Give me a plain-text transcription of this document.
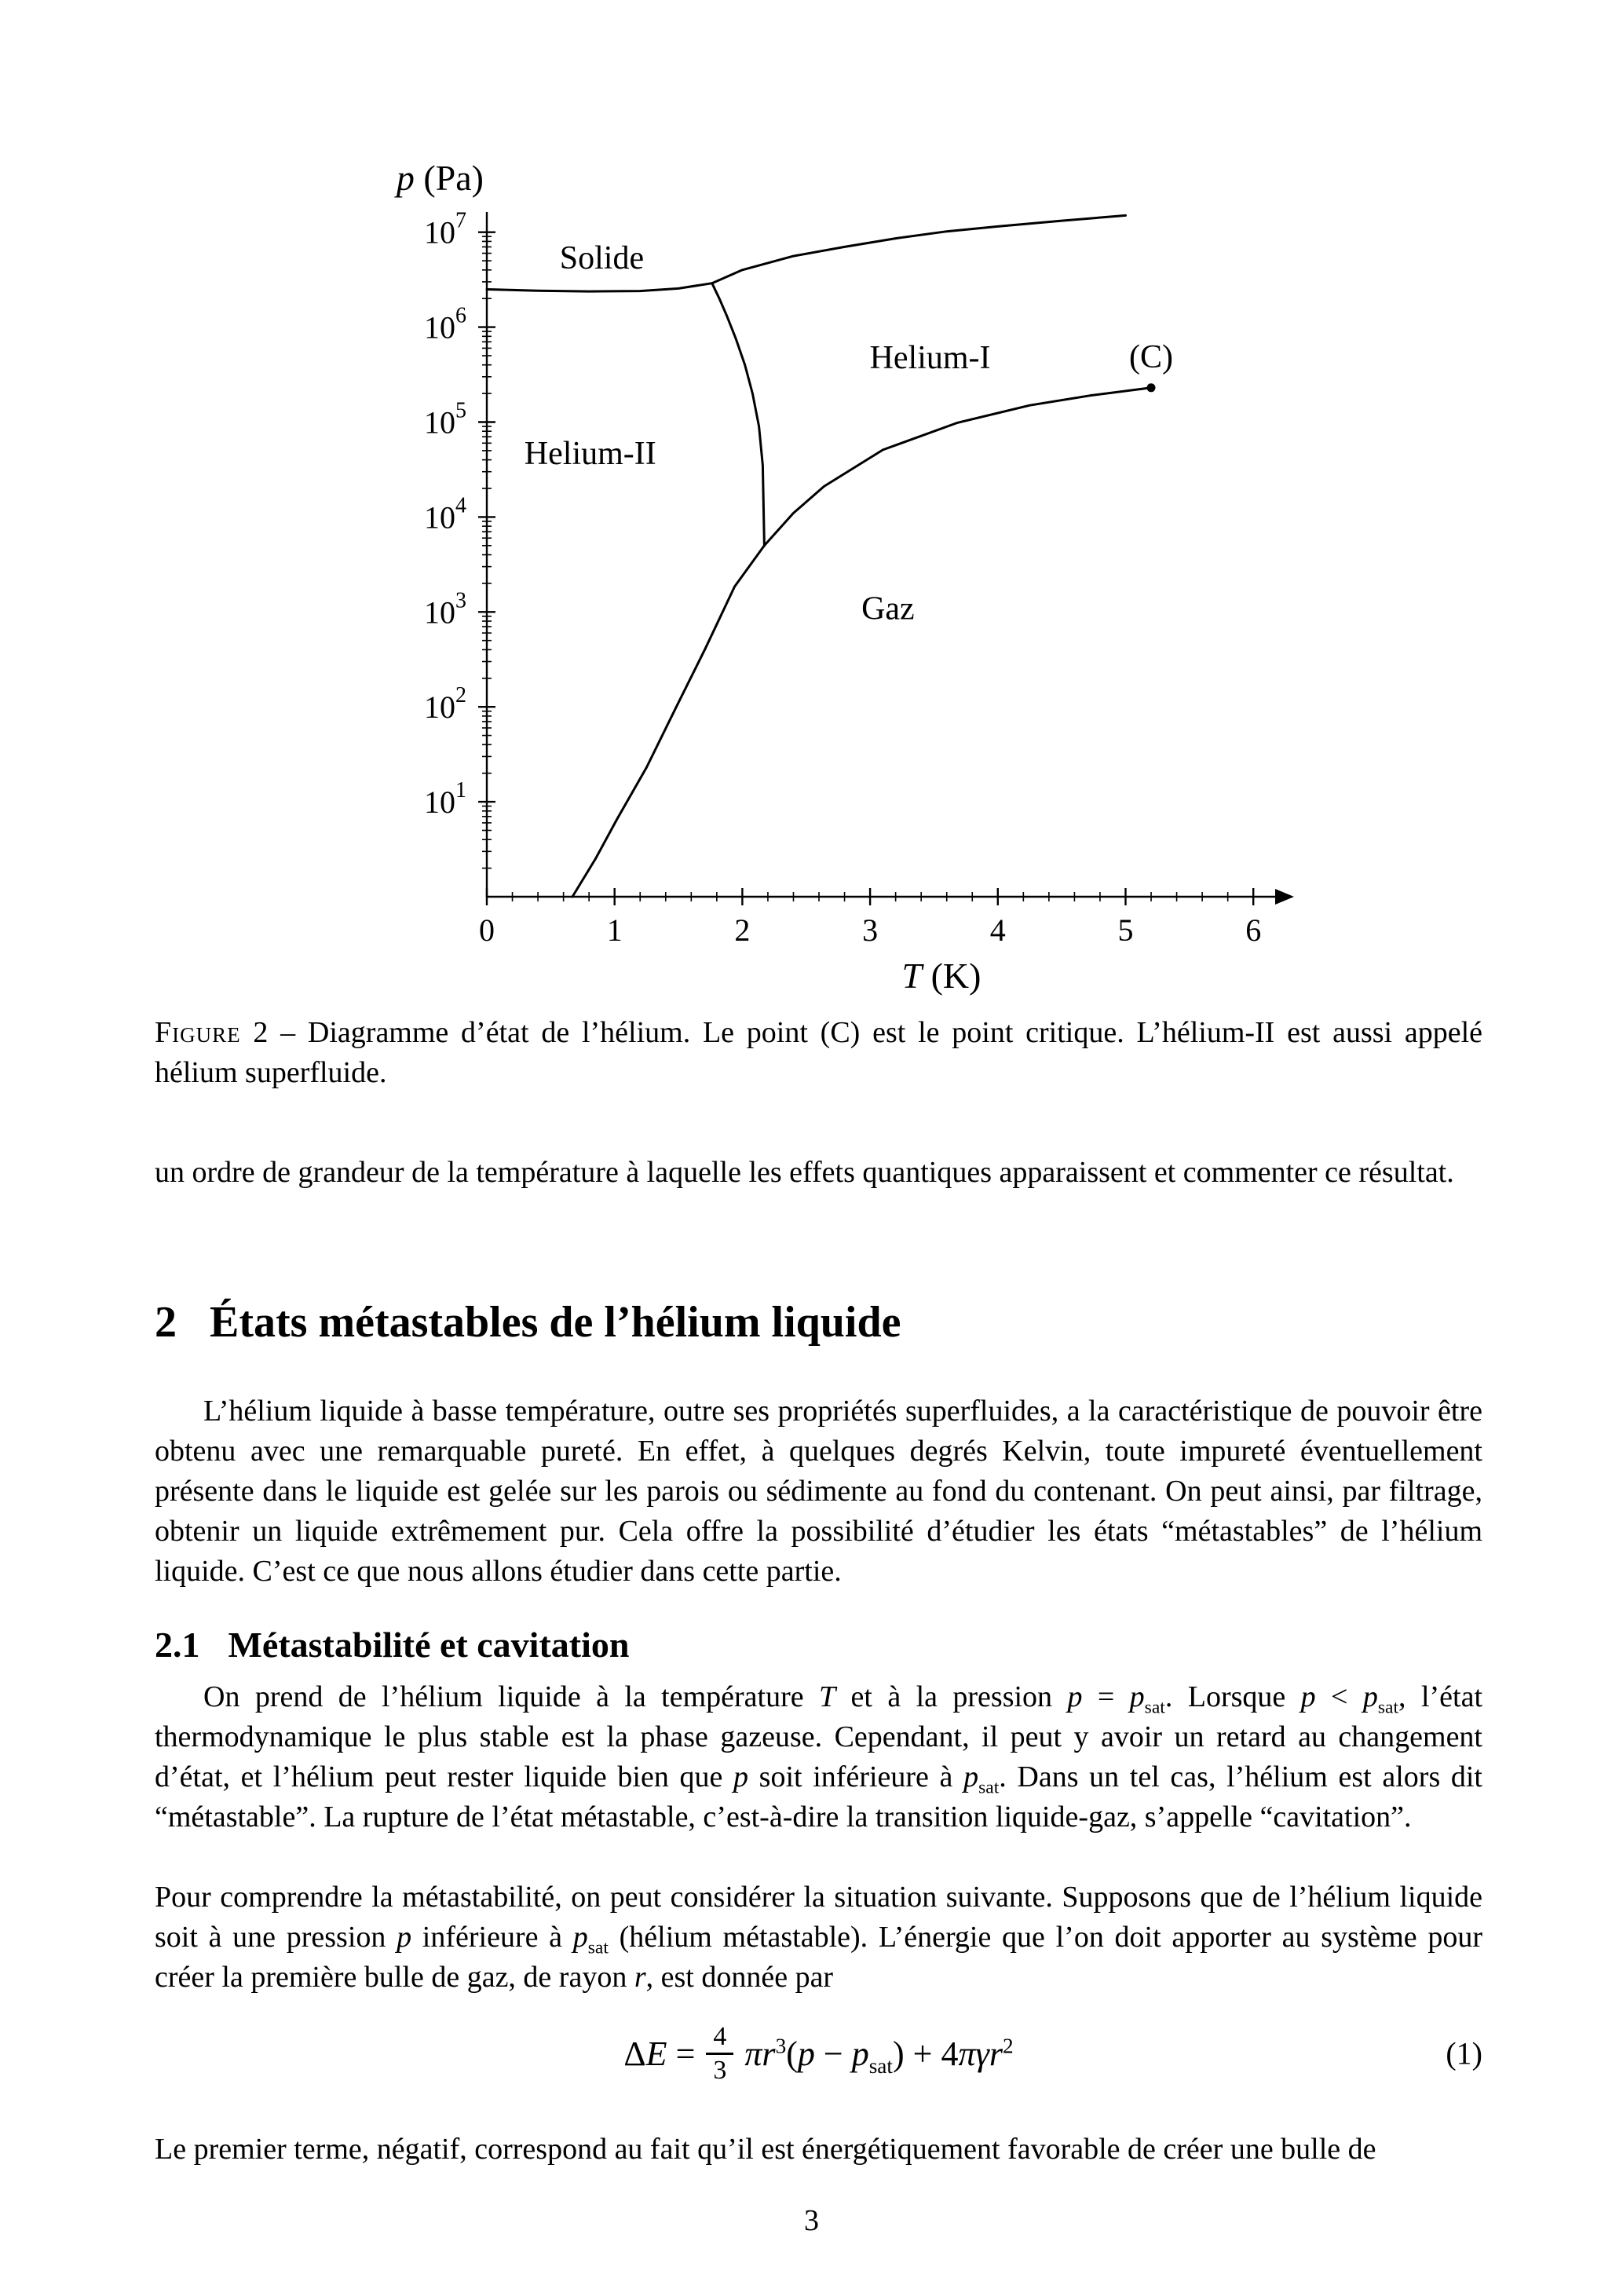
0	1	2	3	4	5	6
$10^1$
$10^2$
$10^3$
$10^4$
$10^5$
$10^6$
$10^7$
(C)
Solide
Helium-I
Helium-II
Gaz
p (Pa)
T (K)

Figure 2 – Diagramme d’état de l’hélium. Le point (C) est le point critique. L’hélium-II est aussi appelé hélium superfluide.

un ordre de grandeur de la température à laquelle les effets quantiques apparaissent et commenter ce résultat.

2 États métastables de l’hélium liquide

L’hélium liquide à basse température, outre ses propriétés superfluides, a la caractéristique de pouvoir être obtenu avec une remarquable pureté. En effet, à quelques degrés Kelvin, toute impureté éventuellement présente dans le liquide est gelée sur les parois ou sédimente au fond du contenant. On peut ainsi, par filtrage, obtenir un liquide extrêmement pur. Cela offre la possibilité d’étudier les états “métastables” de l’hélium liquide. C’est ce que nous allons étudier dans cette partie.

2.1 Métastabilité et cavitation

On prend de l’hélium liquide à la température T et à la pression $p = p_{sat}$. Lorsque $p < p_{sat}$, l’état thermodynamique le plus stable est la phase gazeuse. Cependant, il peut y avoir un retard au changement d’état, et l’hélium peut rester liquide bien que p soit inférieure à $p_{sat}$. Dans un tel cas, l’hélium est alors dit “métastable”. La rupture de l’état métastable, c’est-à-dire la transition liquide-gaz, s’appelle “cavitation”.

Pour comprendre la métastabilité, on peut considérer la situation suivante. Supposons que de l’hélium liquide soit à une pression p inférieure à $p_{sat}$ (hélium métastable). L’énergie que l’on doit apporter au système pour créer la première bulle de gaz, de rayon r, est donnée par

$\Delta E = \frac{4}{3} \pi r^3(p - p_{sat}) + 4\pi\gamma r^2$	(1)

Le premier terme, négatif, correspond au fait qu’il est énergétiquement favorable de créer une bulle de

3
